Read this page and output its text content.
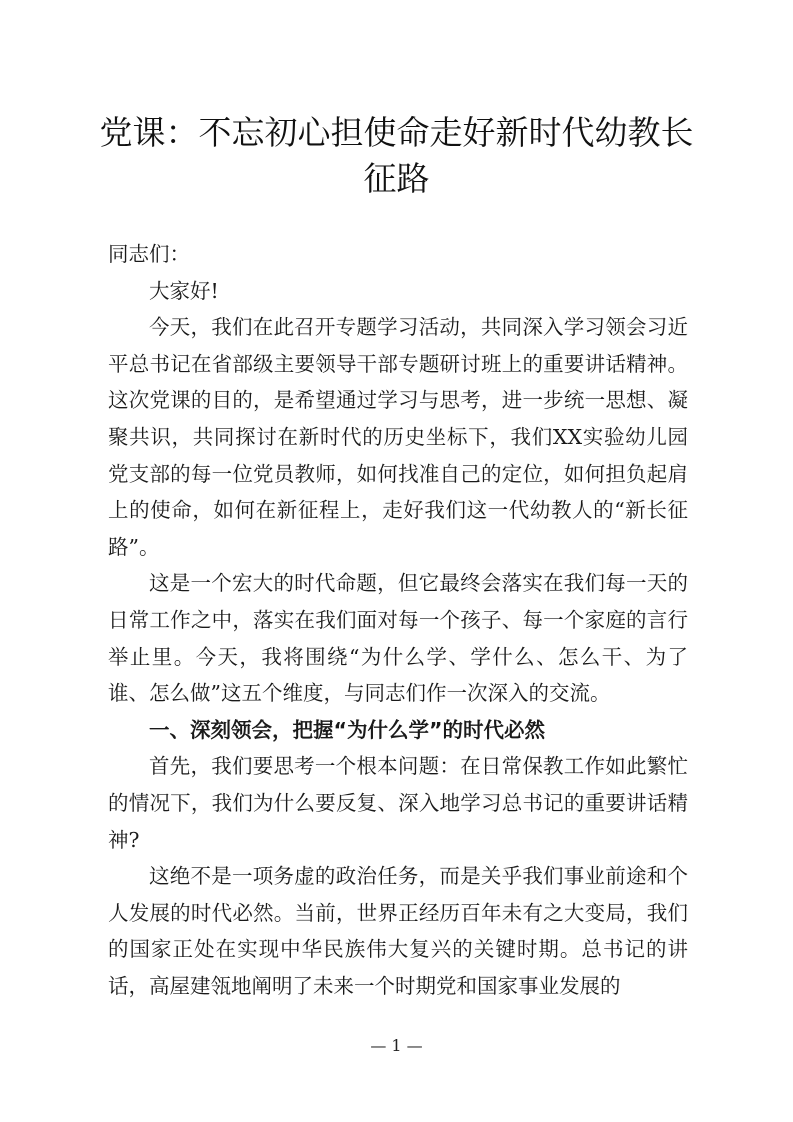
党课：不忘初心担使命走好新时代幼教长征路

同志们：

大家好!

今天，我们在此召开专题学习活动，共同深入学习领会习近平总书记在省部级主要领导干部专题研讨班上的重要讲话精神。这次党课的目的，是希望通过学习与思考，进一步统一思想、凝聚共识，共同探讨在新时代的历史坐标下，我们XX实验幼儿园党支部的每一位党员教师，如何找准自己的定位，如何担负起肩上的使命，如何在新征程上，走好我们这一代幼教人的“新长征路”。

这是一个宏大的时代命题，但它最终会落实在我们每一天的日常工作之中，落实在我们面对每一个孩子、每一个家庭的言行举止里。今天，我将围绕“为什么学、学什么、怎么干、为了谁、怎么做”这五个维度，与同志们作一次深入的交流。

一、深刻领会，把握“为什么学”的时代必然

首先，我们要思考一个根本问题：在日常保教工作如此繁忙的情况下，我们为什么要反复、深入地学习总书记的重要讲话精神?

这绝不是一项务虚的政治任务，而是关乎我们事业前途和个人发展的时代必然。当前，世界正经历百年未有之大变局，我们的国家正处在实现中华民族伟大复兴的关键时期。总书记的讲话，高屋建瓴地阐明了未来一个时期党和国家事业发展的

— 1 —
